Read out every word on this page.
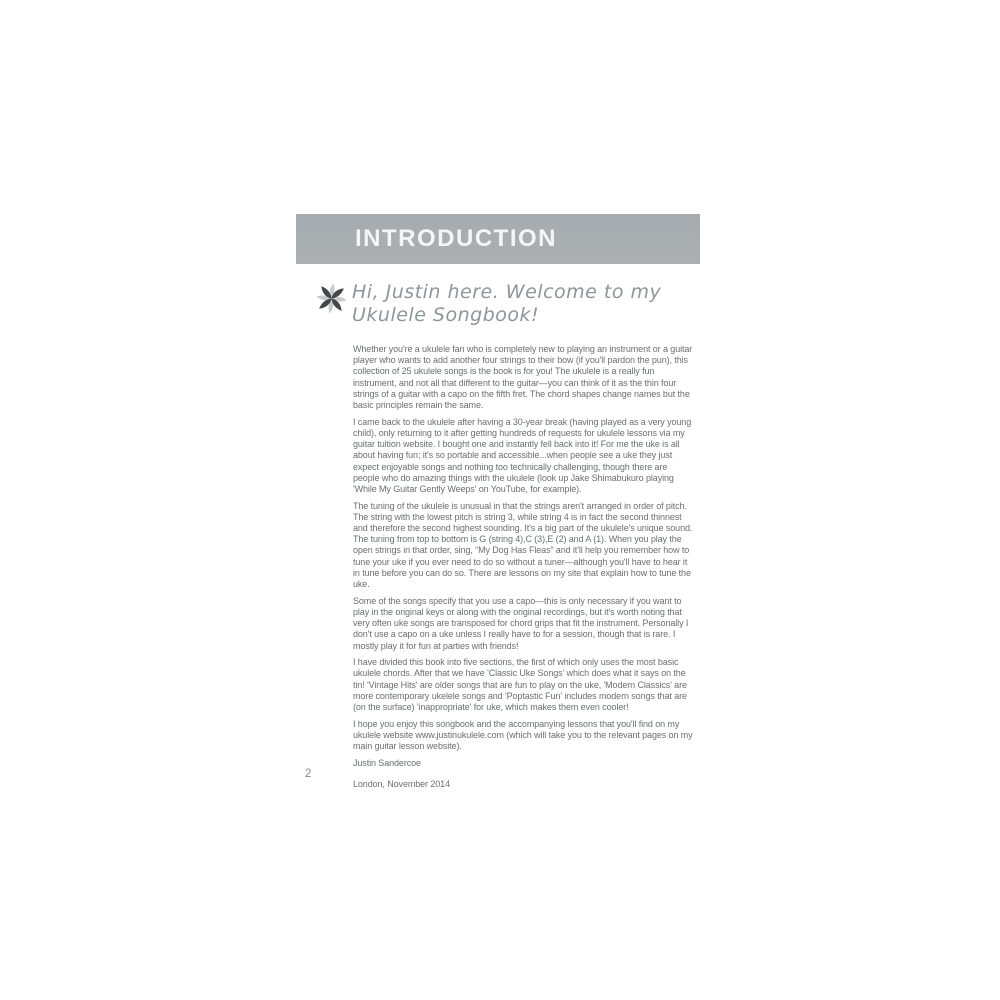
INTRODUCTION
Hi, Justin here. Welcome to my
Ukulele Songbook!

Whether you're a ukulele fan who is completely new to playing an instrument or a guitar player who wants to add another four strings to their bow (if you'll pardon the pun), this collection of 25 ukulele songs is the book is for you! The ukulele is a really fun instrument, and not all that different to the guitar—you can think of it as the thin four strings of a guitar with a capo on the fifth fret. The chord shapes change names but the basic principles remain the same.

I came back to the ukulele after having a 30-year break (having played as a very young child), only returning to it after getting hundreds of requests for ukulele lessons via my guitar tuition website. I bought one and instantly fell back into it! For me the uke is all about having fun; it's so portable and accessible...when people see a uke they just expect enjoyable songs and nothing too technically challenging, though there are people who do amazing things with the ukulele (look up Jake Shimabukuro playing 'While My Guitar Gently Weeps' on YouTube, for example).

The tuning of the ukulele is unusual in that the strings aren't arranged in order of pitch. The string with the lowest pitch is string 3, while string 4 is in fact the second thinnest and therefore the second highest sounding. It's a big part of the ukulele's unique sound. The tuning from top to bottom is G (string 4),C (3),E (2) and A (1). When you play the open strings in that order, sing, “My Dog Has Fleas” and it'll help you remember how to tune your uke if you ever need to do so without a tuner—although you'll have to hear it in tune before you can do so. There are lessons on my site that explain how to tune the uke.

Some of the songs specify that you use a capo—this is only necessary if you want to play in the original keys or along with the original recordings, but it's worth noting that very often uke songs are transposed for chord grips that fit the instrument. Personally I don't use a capo on a uke unless I really have to for a session, though that is rare. I mostly play it for fun at parties with friends!

I have divided this book into five sections, the first of which only uses the most basic ukulele chords. After that we have 'Classic Uke Songs' which does what it says on the tin! 'Vintage Hits' are older songs that are fun to play on the uke, 'Modern Classics' are more contemporary ukelele songs and 'Poptastic Fun' includes modern songs that are (on the surface) 'inappropriate' for uke, which makes them even cooler!

I hope you enjoy this songbook and the accompanying lessons that you'll find on my ukulele website www.justinukulele.com (which will take you to the relevant pages on my main guitar lesson website).

Justin Sandercoe

London, November 2014

2
